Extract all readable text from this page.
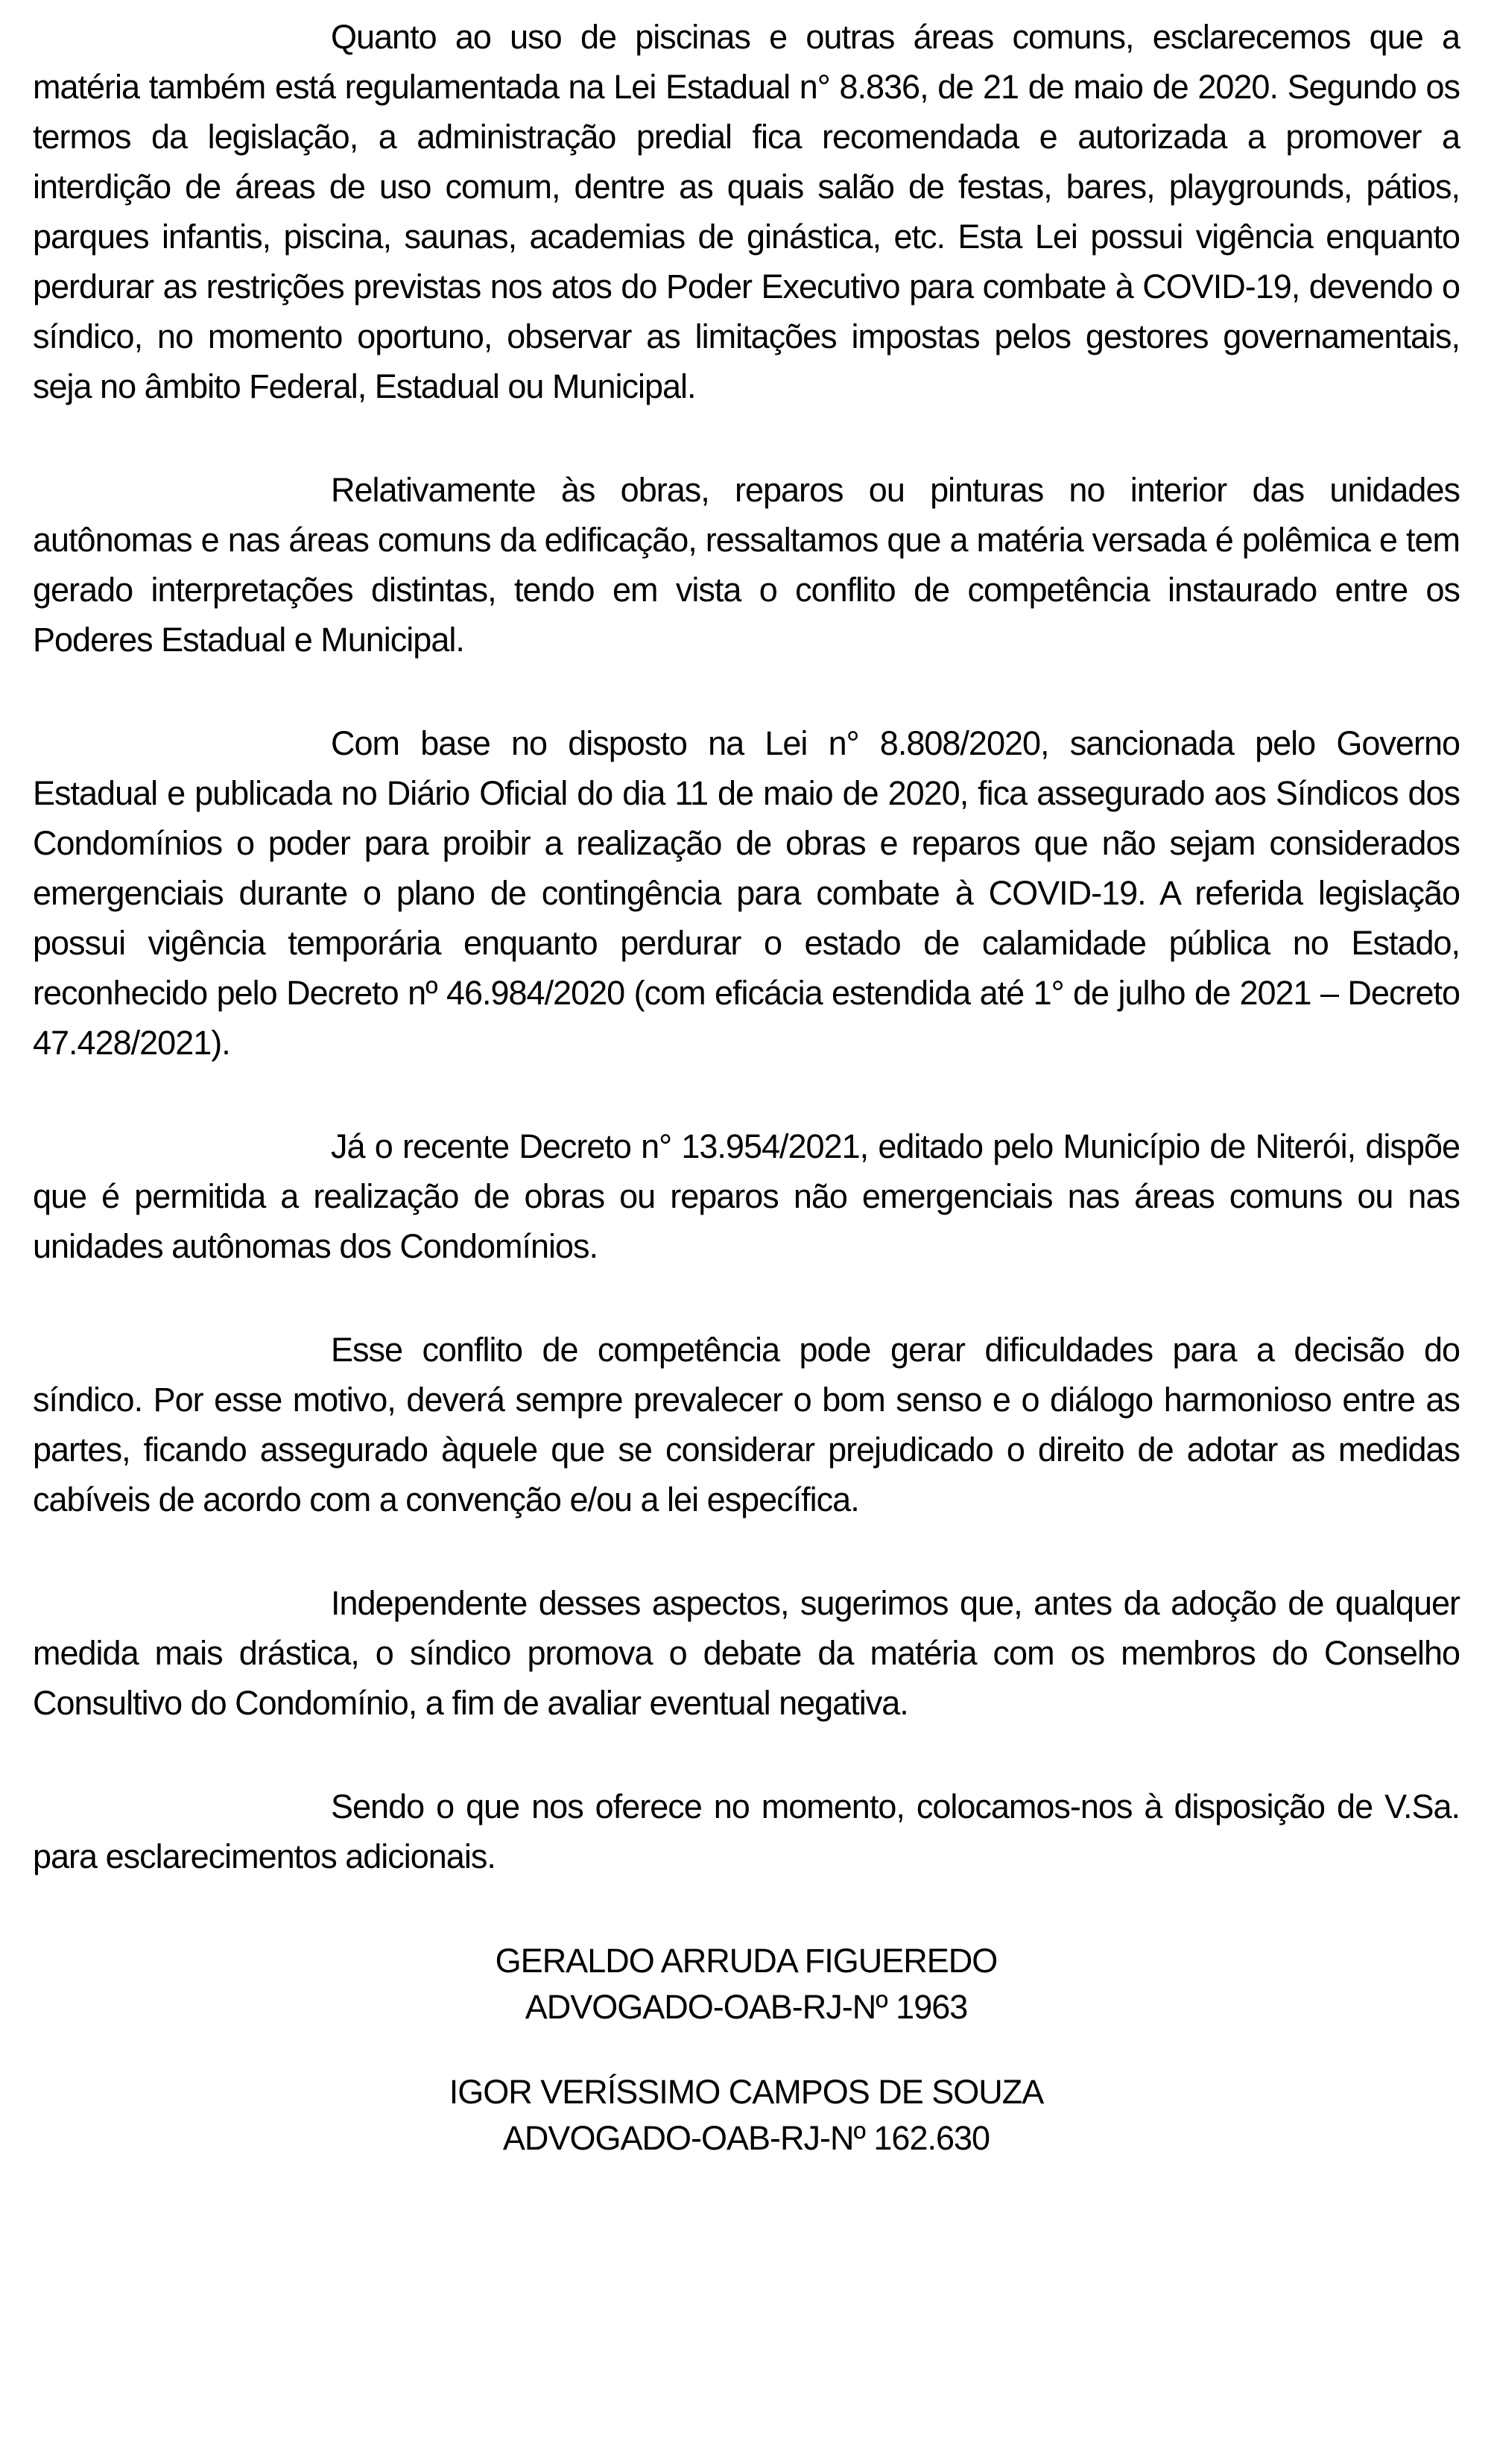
Quanto ao uso de piscinas e outras áreas comuns, esclarecemos que a matéria também está regulamentada na Lei Estadual n° 8.836, de 21 de maio de 2020. Segundo os termos da legislação, a administração predial fica recomendada e autorizada a promover a interdição de áreas de uso comum, dentre as quais salão de festas, bares, playgrounds, pátios, parques infantis, piscina, saunas, academias de ginástica, etc. Esta Lei possui vigência enquanto perdurar as restrições previstas nos atos do Poder Executivo para combate à COVID-19, devendo o síndico, no momento oportuno, observar as limitações impostas pelos gestores governamentais, seja no âmbito Federal, Estadual ou Municipal.

Relativamente às obras, reparos ou pinturas no interior das unidades autônomas e nas áreas comuns da edificação, ressaltamos que a matéria versada é polêmica e tem gerado interpretações distintas, tendo em vista o conflito de competência instaurado entre os Poderes Estadual e Municipal.

Com base no disposto na Lei n° 8.808/2020, sancionada pelo Governo Estadual e publicada no Diário Oficial do dia 11 de maio de 2020, fica assegurado aos Síndicos dos Condomínios o poder para proibir a realização de obras e reparos que não sejam considerados emergenciais durante o plano de contingência para combate à COVID-19. A referida legislação possui vigência temporária enquanto perdurar o estado de calamidade pública no Estado, reconhecido pelo Decreto nº 46.984/2020 (com eficácia estendida até 1° de julho de 2021 – Decreto 47.428/2021).

Já o recente Decreto n° 13.954/2021, editado pelo Município de Niterói, dispõe que é permitida a realização de obras ou reparos não emergenciais nas áreas comuns ou nas unidades autônomas dos Condomínios.

Esse conflito de competência pode gerar dificuldades para a decisão do síndico. Por esse motivo, deverá sempre prevalecer o bom senso e o diálogo harmonioso entre as partes, ficando assegurado àquele que se considerar prejudicado o direito de adotar as medidas cabíveis de acordo com a convenção e/ou a lei específica.

Independente desses aspectos, sugerimos que, antes da adoção de qualquer medida mais drástica, o síndico promova o debate da matéria com os membros do Conselho Consultivo do Condomínio, a fim de avaliar eventual negativa.

Sendo o que nos oferece no momento, colocamos-nos à disposição de V.Sa. para esclarecimentos adicionais.

GERALDO ARRUDA FIGUEREDO
ADVOGADO-OAB-RJ-Nº 1963
IGOR VERÍSSIMO CAMPOS DE SOUZA
ADVOGADO-OAB-RJ-Nº 162.630
